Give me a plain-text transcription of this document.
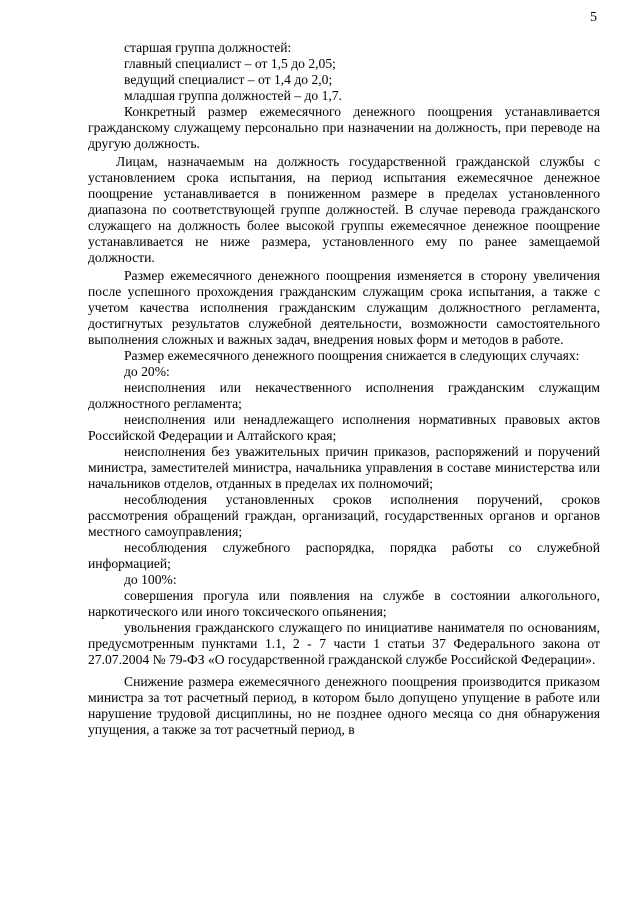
5

старшая группа должностей:

главный специалист – от 1,5 до 2,05;

ведущий специалист – от 1,4 до 2,0;

младшая группа должностей – до 1,7.

Конкретный размер ежемесячного денежного поощрения устанавливается гражданскому служащему персонально при назначении на должность, при переводе на другую должность.

Лицам, назначаемым на должность государственной гражданской службы с установлением срока испытания, на период испытания ежемесячное денежное поощрение устанавливается в пониженном размере в пределах установленного диапазона по соответствующей группе должностей. В случае перевода гражданского служащего на должность более высокой группы ежемесячное денежное поощрение устанавливается не ниже размера, установленного ему по ранее замещаемой должности.

Размер ежемесячного денежного поощрения изменяется в сторону увеличения после успешного прохождения гражданским служащим срока испытания, а также с учетом качества исполнения гражданским служащим должностного регламента, достигнутых результатов служебной деятельности, возможности самостоятельного выполнения сложных и важных задач, внедрения новых форм и методов в работе.

Размер ежемесячного денежного поощрения снижается в следующих случаях:

до 20%:

неисполнения или некачественного исполнения гражданским служащим должностного регламента;

неисполнения или ненадлежащего исполнения нормативных правовых актов Российской Федерации и Алтайского края;

неисполнения без уважительных причин приказов, распоряжений и поручений министра, заместителей министра, начальника управления в составе министерства или начальников отделов, отданных в пределах их полномочий;

несоблюдения установленных сроков исполнения поручений, сроков рассмотрения обращений граждан, организаций, государственных органов и органов местного самоуправления;

несоблюдения служебного распорядка, порядка работы со служебной информацией;

до 100%:

совершения прогула или появления на службе в состоянии алкогольного, наркотического или иного токсического опьянения;

увольнения гражданского служащего по инициативе нанимателя по основаниям, предусмотренным пунктами 1.1, 2 - 7 части 1 статьи 37 Федерального закона от 27.07.2004 № 79-ФЗ «О государственной гражданской службе Российской Федерации».

Снижение размера ежемесячного денежного поощрения производится приказом министра за тот расчетный период, в котором было допущено упущение в работе или нарушение трудовой дисциплины, но не позднее одного месяца со дня обнаружения упущения, а также за тот расчетный период, в
